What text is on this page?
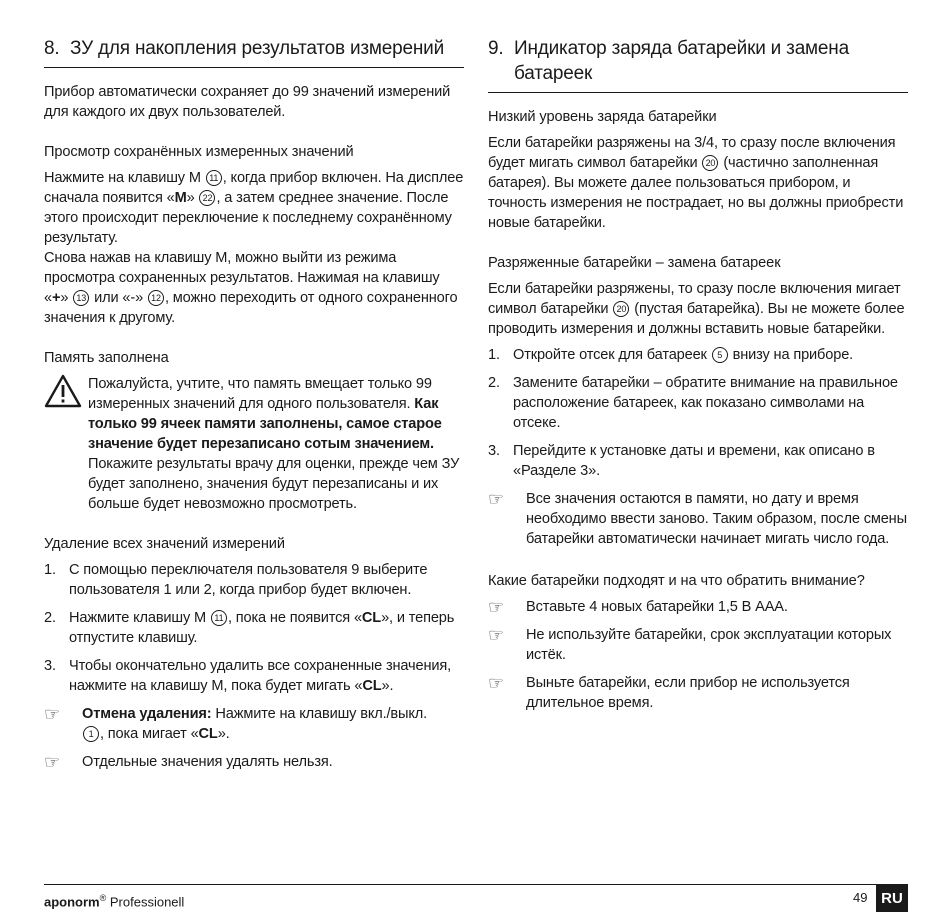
8. ЗУ для накопления результатов измерений

Прибор автоматически сохраняет до 99 значений измерений для каждого их двух пользователей.

Просмотр сохранённых измеренных значений

Нажмите на клавишу M 11 , когда прибор включен. На дисплее сначала появится «M» 22 , а затем среднее значение. После этого происходит переключение к последнему сохранённому результату.

Снова нажав на клавишу M, можно выйти из режима просмотра сохраненных результатов. Нажимая на клавишу «+» 13 или «-» 12 , можно переходить от одного сохраненного значения к другому.

Память заполнена

Пожалуйста, учтите, что память вмещает только 99 измеренных значений для одного пользователя. Как только 99 ячеек памяти заполнены, самое старое значение будет перезаписано сотым значением. Покажите результаты врачу для оценки, прежде чем ЗУ будет заполнено, значения будут перезаписаны и их больше будет невозможно просмотреть.

Удаление всех значений измерений
1. С помощью переключателя пользователя 9 выберите пользователя 1 или 2, когда прибор будет включен.
2. Нажмите клавишу M 11 , пока не появится «CL», и теперь отпустите клавишу.
3. Чтобы окончательно удалить все сохраненные значения, нажмите на клавишу M, пока будет мигать «CL».
☞	Отмена удаления: Нажмите на клавишу вкл./выкл.
1 , пока мигает «CL».
☞	Отдельные значения удалять нельзя.
9. Индикатор заряда батарейки и замена батареек
Низкий уровень заряда батарейки

Если батарейки разряжены на 3/4, то сразу после включения будет мигать символ батарейки 20 (частично заполненная батарея). Вы можете далее пользоваться прибором, и точность измерения не пострадает, но вы должны приобрести новые батарейки.

Разряженные батарейки – замена батареек

Если батарейки разряжены, то сразу после включения мигает символ батарейки 20 (пустая батарейка). Вы не можете более проводить измерения и должны вставить новые батарейки.

1. Откройте отсек для батареек 5 внизу на приборе.
2. Замените батарейки – обратите внимание на правильное расположение батареек, как показано символами на отсеке.
3. Перейдите к установке даты и времени, как описано в «Разделе 3».
☞	Все значения остаются в памяти, но дату и время необходимо ввести заново. Таким образом, после смены батарейки автоматически начинает мигать число года.
Какие батарейки подходят и на что обратить внимание?
☞	Вставьте 4 новых батарейки 1,5 В AAA.
☞	Не используйте батарейки, срок эксплуатации которых истёк.
☞	Выньте батарейки, если прибор не используется длительное время.
aponorm® Professionell	49 RU
